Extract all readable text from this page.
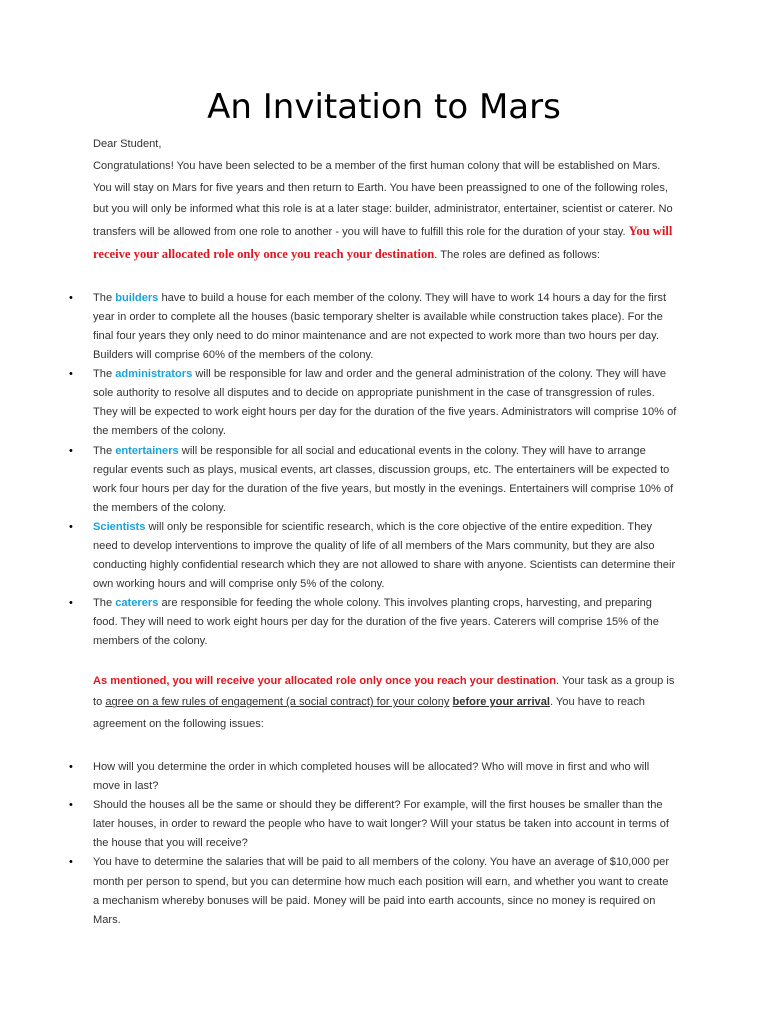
An Invitation to Mars

Dear Student,

Congratulations! You have been selected to be a member of the first human colony that will be established on Mars. You will stay on Mars for five years and then return to Earth. You have been preassigned to one of the following roles, but you will only be informed what this role is at a later stage: builder, administrator, entertainer, scientist or caterer. No transfers will be allowed from one role to another - you will have to fulfill this role for the duration of your stay. You will receive your allocated role only once you reach your destination. The roles are defined as follows:

• The builders have to build a house for each member of the colony. They will have to work 14 hours a day for the first year in order to complete all the houses (basic temporary shelter is available while construction takes place). For the final four years they only need to do minor maintenance and are not expected to work more than two hours per day. Builders will comprise 60% of the members of the colony.
• The administrators will be responsible for law and order and the general administration of the colony. They will have sole authority to resolve all disputes and to decide on appropriate punishment in the case of transgression of rules. They will be expected to work eight hours per day for the duration of the five years. Administrators will comprise 10% of the members of the colony.
• The entertainers will be responsible for all social and educational events in the colony. They will have to arrange regular events such as plays, musical events, art classes, discussion groups, etc. The entertainers will be expected to work four hours per day for the duration of the five years, but mostly in the evenings. Entertainers will comprise 10% of the members of the colony.
• Scientists will only be responsible for scientific research, which is the core objective of the entire expedition. They need to develop interventions to improve the quality of life of all members of the Mars community, but they are also conducting highly confidential research which they are not allowed to share with anyone. Scientists can determine their own working hours and will comprise only 5% of the colony.
• The caterers are responsible for feeding the whole colony. This involves planting crops, harvesting, and preparing food. They will need to work eight hours per day for the duration of the five years. Caterers will comprise 15% of the members of the colony.

As mentioned, you will receive your allocated role only once you reach your destination. Your task as a group is to agree on a few rules of engagement (a social contract) for your colony before your arrival. You have to reach agreement on the following issues:

• How will you determine the order in which completed houses will be allocated? Who will move in first and who will move in last?
• Should the houses all be the same or should they be different? For example, will the first houses be smaller than the later houses, in order to reward the people who have to wait longer? Will your status be taken into account in terms of the house that you will receive?
• You have to determine the salaries that will be paid to all members of the colony. You have an average of $10,000 per month per person to spend, but you can determine how much each position will earn, and whether you want to create a mechanism whereby bonuses will be paid. Money will be paid into earth accounts, since no money is required on Mars.
